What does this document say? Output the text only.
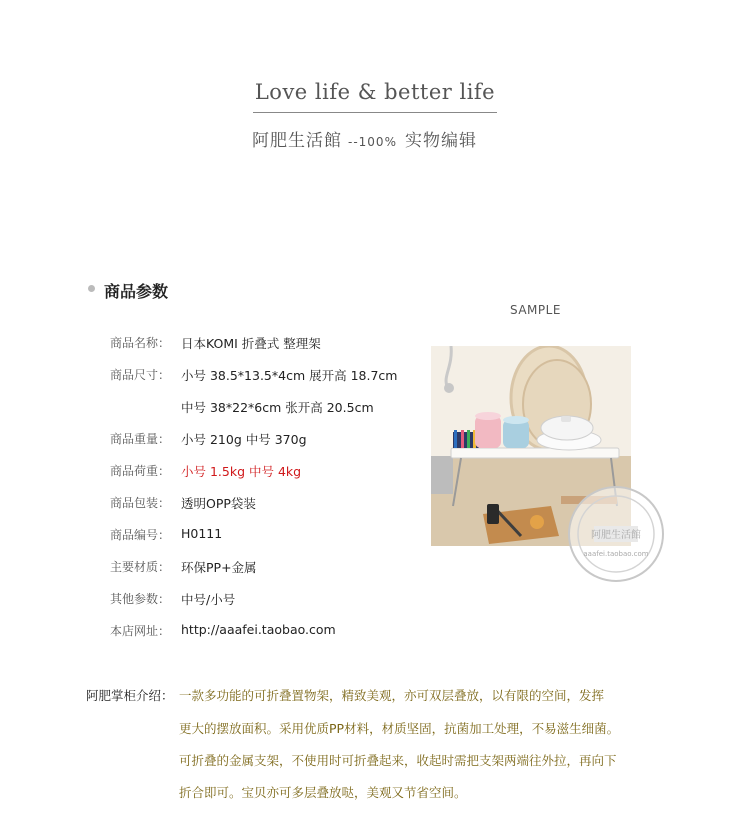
Love life & better life
阿肥生活館 --100% 实物编辑
商品参数
SAMPLE
商品名称： 日本KOMI 折叠式 整理架
商品尺寸： 小号 38.5*13.5*4cm 展开高 18.7cm
中号 38*22*6cm 张开高 20.5cm
商品重量： 小号 210g 中号 370g
商品荷重： 小号 1.5kg 中号 4kg
商品包装： 透明OPP袋装
商品编号： H0111
主要材质： 环保PP+金属
其他参数： 中号/小号
本店网址： http://aaafei.taobao.com
阿肥生活館
aaafei.taobao.com
阿肥掌柜介绍： 一款多功能的可折叠置物架，精致美观，亦可双层叠放，以有限的空间，发挥
更大的摆放面积。采用优质PP材料，材质坚固，抗菌加工处理，不易滋生细菌。
可折叠的金属支架，不使用时可折叠起来，收起时需把支架两端往外拉，再向下
折合即可。宝贝亦可多层叠放哒，美观又节省空间。
